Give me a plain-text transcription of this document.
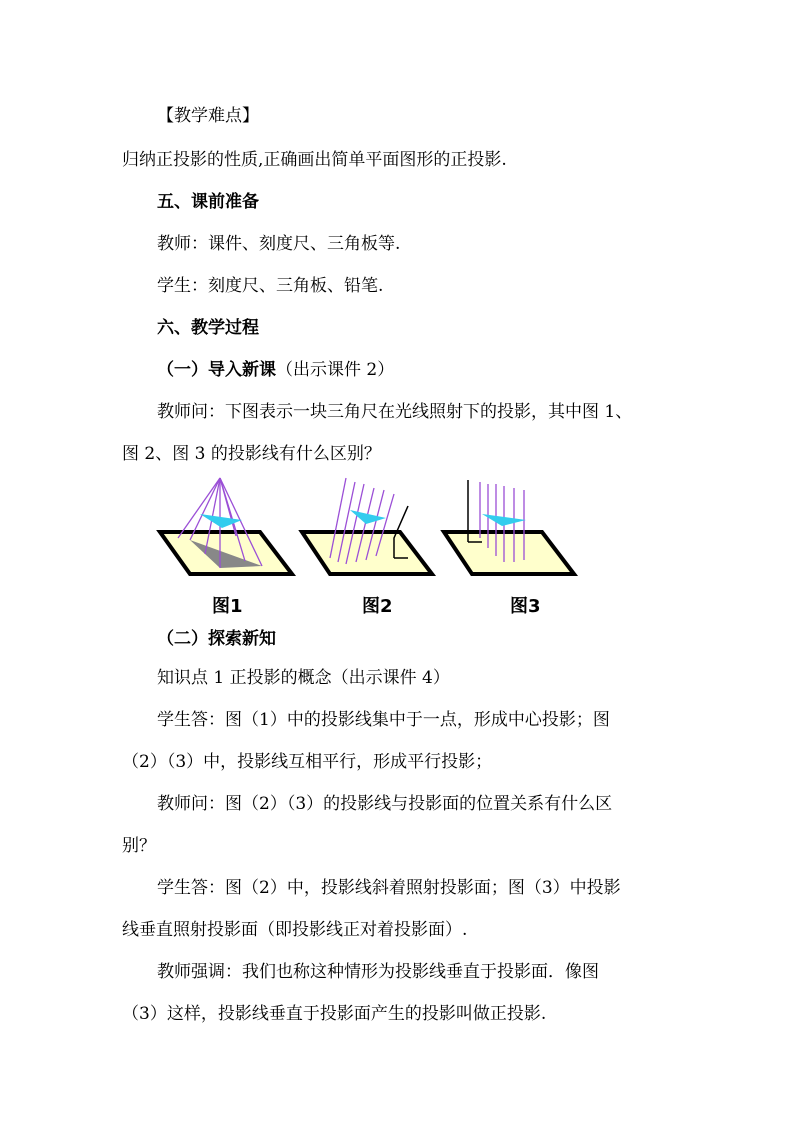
【教学难点】
归纳正投影的性质,正确画出简单平面图形的正投影.
五、课前准备
教师：课件、刻度尺、三角板等.
学生：刻度尺、三角板、铅笔.
六、教学过程
（一）导入新课（出示课件 2）
教师问：下图表示一块三角尺在光线照射下的投影，其中图 1、
图 2、图 3 的投影线有什么区别？
图1	图2	图3
（二）探索新知
知识点 1 正投影的概念（出示课件 4）
学生答：图（1）中的投影线集中于一点，形成中心投影；图
（2）（3）中，投影线互相平行，形成平行投影；
教师问：图（2）（3）的投影线与投影面的位置关系有什么区
别？
学生答：图（2）中，投影线斜着照射投影面；图（3）中投影
线垂直照射投影面（即投影线正对着投影面）.
教师强调：我们也称这种情形为投影线垂直于投影面．像图
（3）这样，投影线垂直于投影面产生的投影叫做正投影.
